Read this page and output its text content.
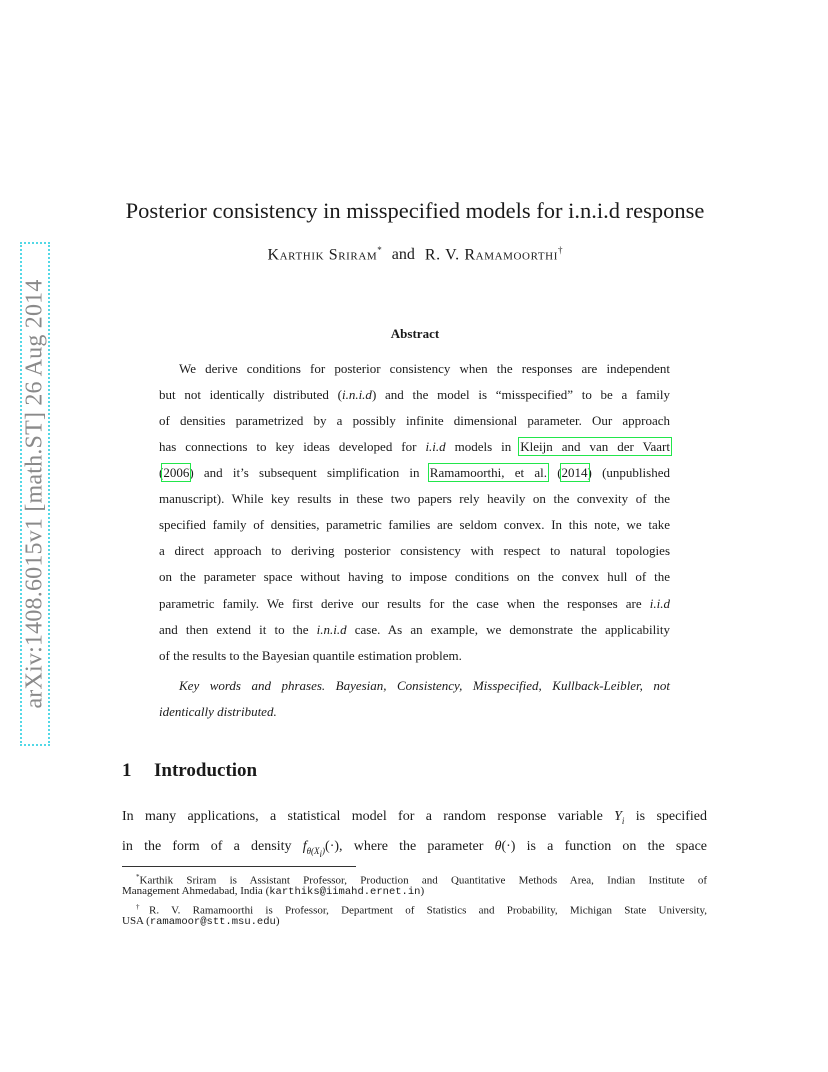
arXiv:1408.6015v1 [math.ST] 26 Aug 2014
Posterior consistency in misspecified models for i.n.i.d response
Karthik Sriram* and R. V. Ramamoorthi†
Abstract
We derive conditions for posterior consistency when the responses are independent
but not identically distributed (i.n.i.d) and the model is “misspecified” to be a family
of densities parametrized by a possibly infinite dimensional parameter. Our approach
has connections to key ideas developed for i.i.d models in Kleijn and van der Vaart
(2006) and it’s subsequent simplification in Ramamoorthi, et al. (2014) (unpublished
manuscript). While key results in these two papers rely heavily on the convexity of the
specified family of densities, parametric families are seldom convex. In this note, we take
a direct approach to deriving posterior consistency with respect to natural topologies
on the parameter space without having to impose conditions on the convex hull of the
parametric family. We first derive our results for the case when the responses are i.i.d
and then extend it to the i.n.i.d case. As an example, we demonstrate the applicability
of the results to the Bayesian quantile estimation problem.
Key words and phrases. Bayesian, Consistency, Misspecified, Kullback-Leibler, not
identically distributed.
1 Introduction
In many applications, a statistical model for a random response variable $Y_i$ is specified
in the form of a density $f_{\theta(X_i)}(\cdot)$, where the parameter θ(·) is a function on the space
*Karthik Sriram is Assistant Professor, Production and Quantitative Methods Area, Indian Institute of
Management Ahmedabad, India (karthiks@iimahd.ernet.in)
†R. V. Ramamoorthi is Professor, Department of Statistics and Probability, Michigan State University,
USA (ramamoor@stt.msu.edu)
